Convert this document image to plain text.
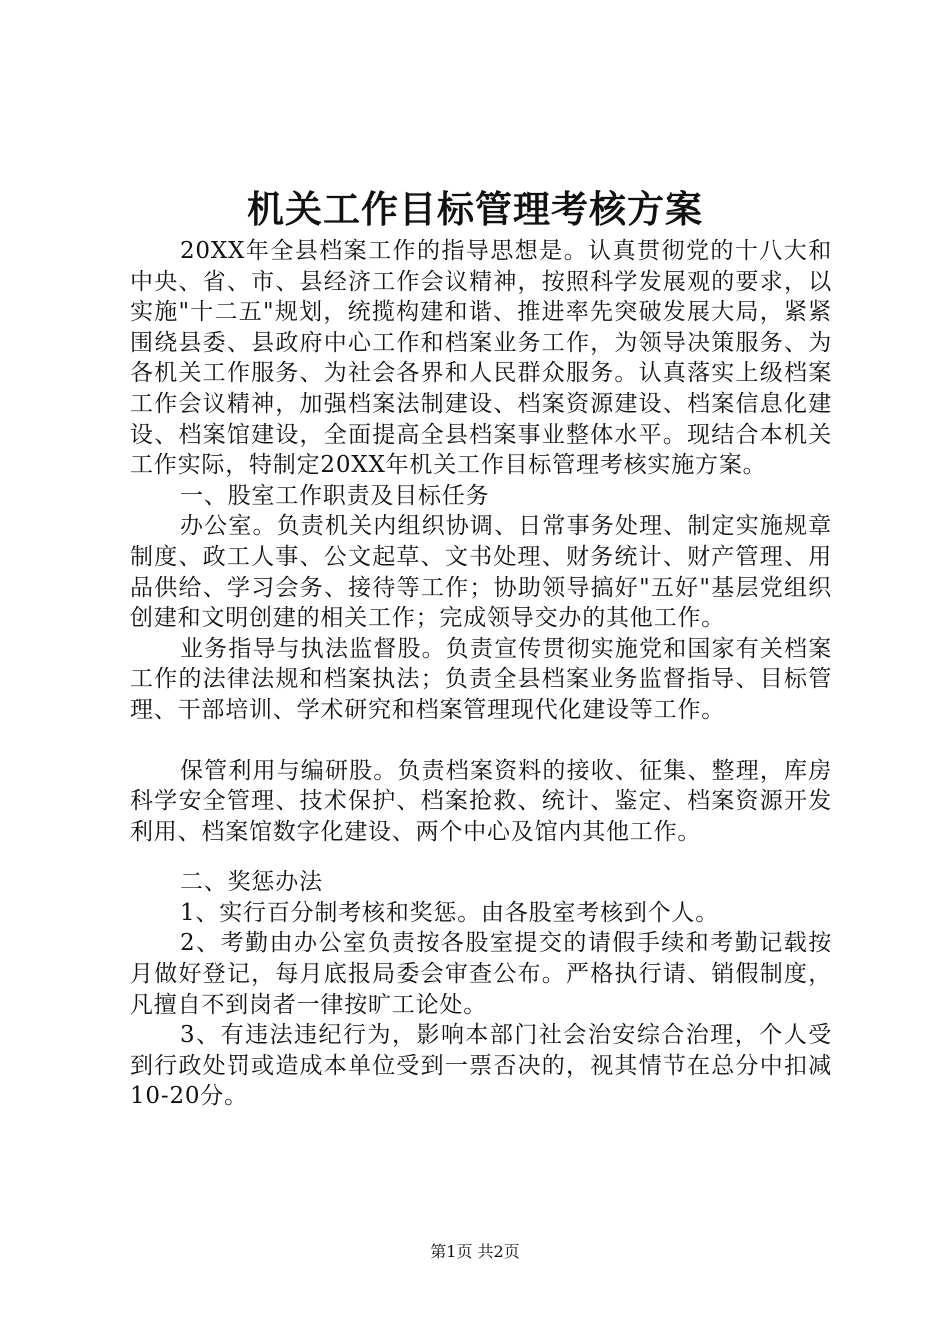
机关工作目标管理考核方案

20XX年全县档案工作的指导思想是。认真贯彻党的十八大和中央、省、市、县经济工作会议精神，按照科学发展观的要求，以实施"十二五"规划，统揽构建和谐、推进率先突破发展大局，紧紧围绕县委、县政府中心工作和档案业务工作，为领导决策服务、为各机关工作服务、为社会各界和人民群众服务。认真落实上级档案工作会议精神，加强档案法制建设、档案资源建设、档案信息化建设、档案馆建设，全面提高全县档案事业整体水平。现结合本机关工作实际，特制定20XX年机关工作目标管理考核实施方案。

一、股室工作职责及目标任务

办公室。负责机关内组织协调、日常事务处理、制定实施规章制度、政工人事、公文起草、文书处理、财务统计、财产管理、用品供给、学习会务、接待等工作；协助领导搞好"五好"基层党组织创建和文明创建的相关工作；完成领导交办的其他工作。

业务指导与执法监督股。负责宣传贯彻实施党和国家有关档案工作的法律法规和档案执法；负责全县档案业务监督指导、目标管理、干部培训、学术研究和档案管理现代化建设等工作。

保管利用与编研股。负责档案资料的接收、征集、整理，库房科学安全管理、技术保护、档案抢救、统计、鉴定、档案资源开发利用、档案馆数字化建设、两个中心及馆内其他工作。

二、奖惩办法

1、实行百分制考核和奖惩。由各股室考核到个人。

2、考勤由办公室负责按各股室提交的请假手续和考勤记载按月做好登记，每月底报局委会审查公布。严格执行请、销假制度，凡擅自不到岗者一律按旷工论处。

3、有违法违纪行为，影响本部门社会治安综合治理，个人受到行政处罚或造成本单位受到一票否决的，视其情节在总分中扣减10-20分。

第1页 共2页
